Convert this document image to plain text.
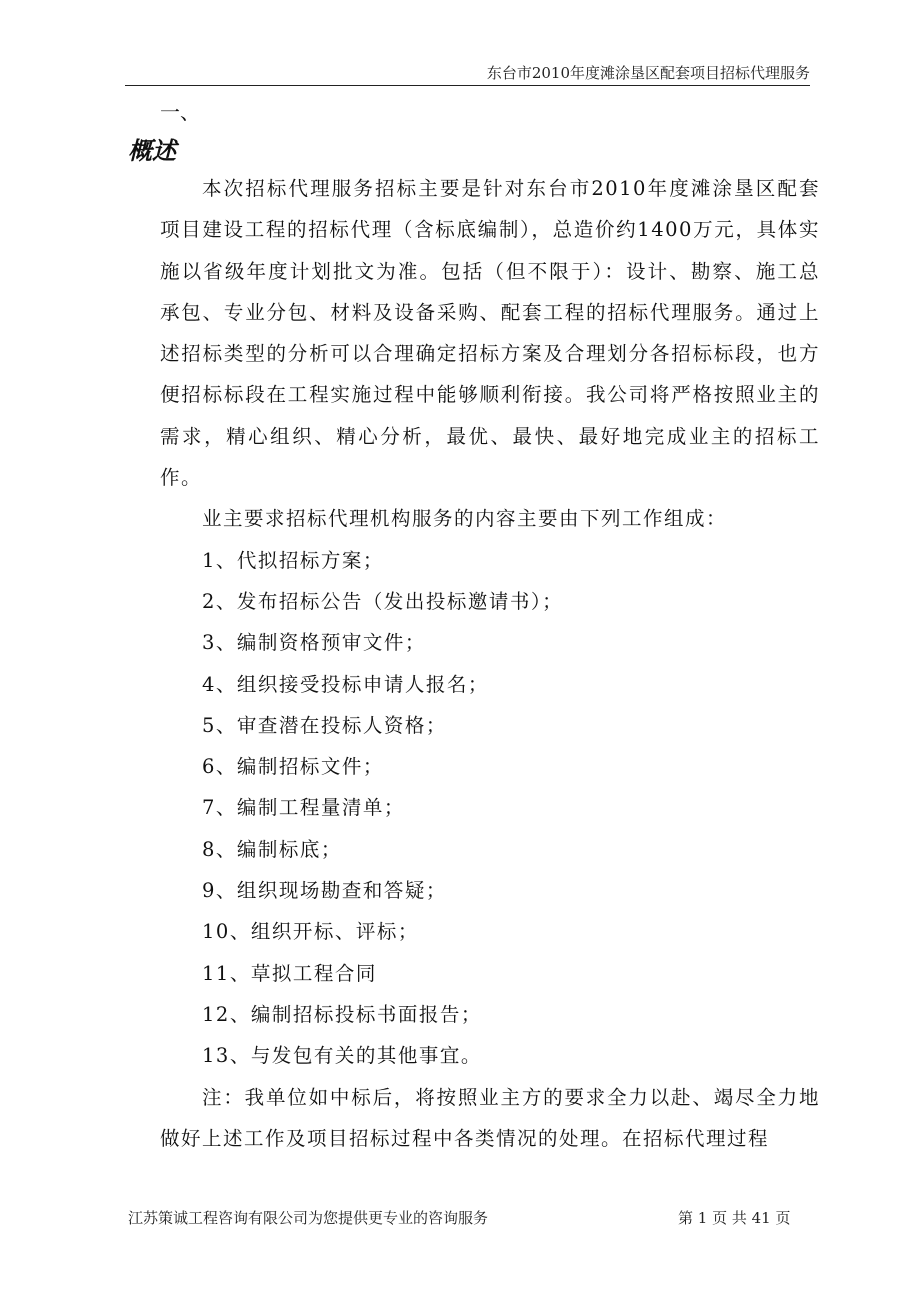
东台市2010年度滩涂垦区配套项目招标代理服务
一、
概述

本次招标代理服务招标主要是针对东台市2010年度滩涂垦区配套项目建设工程的招标代理（含标底编制），总造价约1400万元，具体实施以省级年度计划批文为准。包括（但不限于）：设计、勘察、施工总承包、专业分包、材料及设备采购、配套工程的招标代理服务。通过上述招标类型的分析可以合理确定招标方案及合理划分各招标标段，也方便招标标段在工程实施过程中能够顺利衔接。我公司将严格按照业主的需求，精心组织、精心分析，最优、最快、最好地完成业主的招标工作。

业主要求招标代理机构服务的内容主要由下列工作组成：

1、代拟招标方案；

2、发布招标公告（发出投标邀请书）；

3、编制资格预审文件；

4、组织接受投标申请人报名；

5、审查潜在投标人资格；

6、编制招标文件；

7、编制工程量清单；

8、编制标底；

9、组织现场勘查和答疑；

10、组织开标、评标；

11、草拟工程合同

12、编制招标投标书面报告；

13、与发包有关的其他事宜。

注：我单位如中标后，将按照业主方的要求全力以赴、竭尽全力地做好上述工作及项目招标过程中各类情况的处理。在招标代理过程

江苏策诚工程咨询有限公司为您提供更专业的咨询服务	第 1 页 共 41 页
